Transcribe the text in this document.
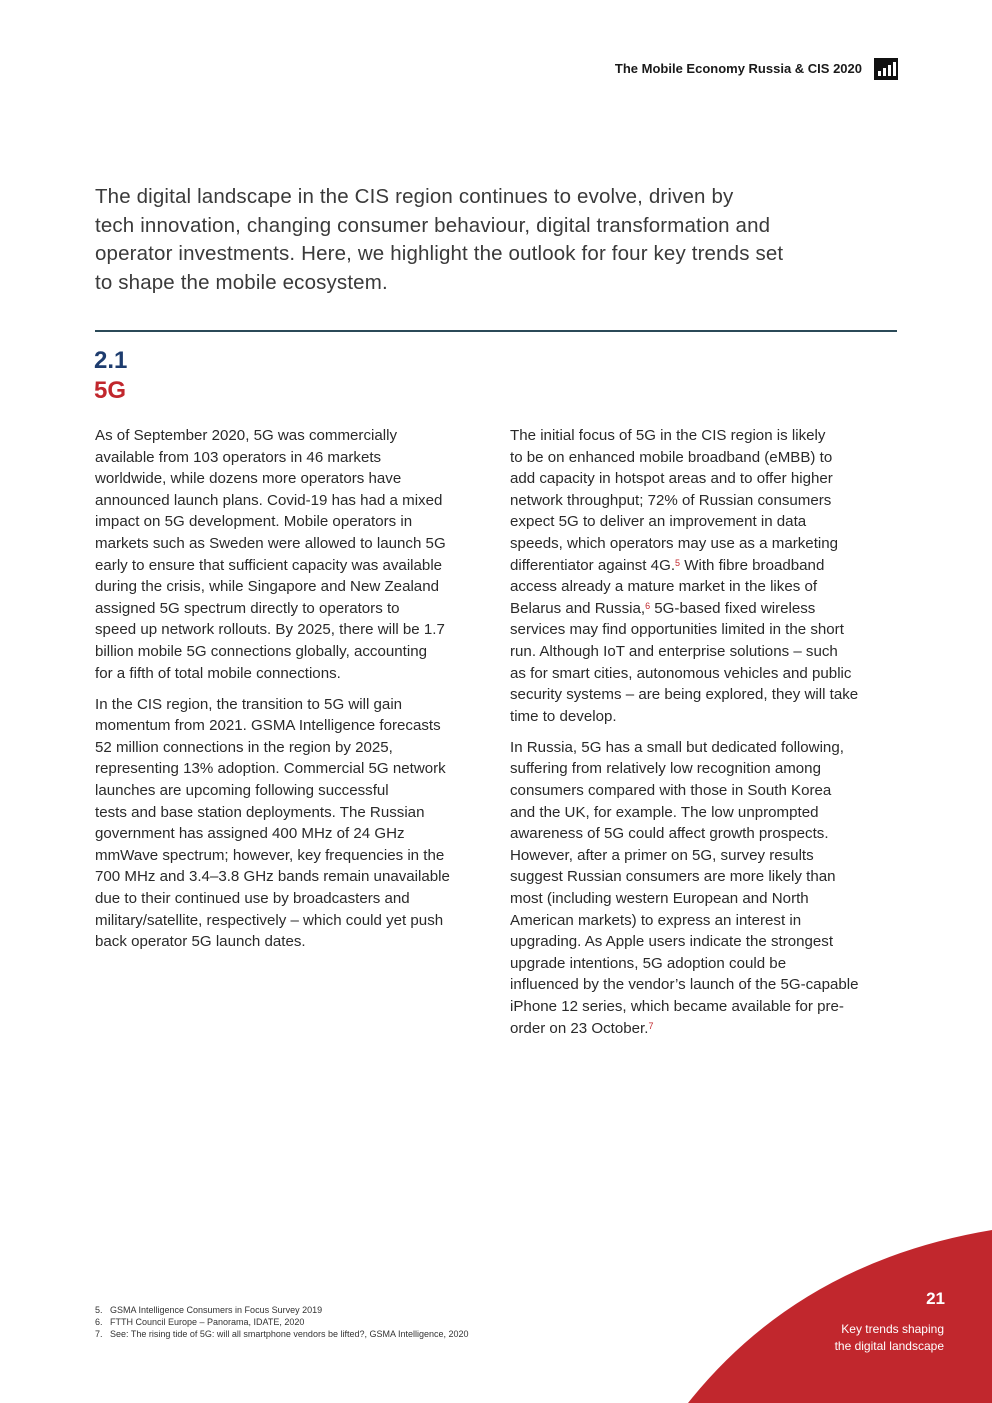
The Mobile Economy Russia & CIS 2020

The digital landscape in the CIS region continues to evolve, driven by
tech innovation, changing consumer behaviour, digital transformation and
operator investments. Here, we highlight the outlook for four key trends set
to shape the mobile ecosystem.

2.1
5G

As of September 2020, 5G was commercially
available from 103 operators in 46 markets
worldwide, while dozens more operators have
announced launch plans. Covid-19 has had a mixed
impact on 5G development. Mobile operators in
markets such as Sweden were allowed to launch 5G
early to ensure that sufficient capacity was available
during the crisis, while Singapore and New Zealand
assigned 5G spectrum directly to operators to
speed up network rollouts. By 2025, there will be 1.7
billion mobile 5G connections globally, accounting
for a fifth of total mobile connections.

In the CIS region, the transition to 5G will gain
momentum from 2021. GSMA Intelligence forecasts
52 million connections in the region by 2025,
representing 13% adoption. Commercial 5G network
launches are upcoming following successful
tests and base station deployments. The Russian
government has assigned 400 MHz of 24 GHz
mmWave spectrum; however, key frequencies in the
700 MHz and 3.4–3.8 GHz bands remain unavailable
due to their continued use by broadcasters and
military/satellite, respectively – which could yet push
back operator 5G launch dates.

The initial focus of 5G in the CIS region is likely
to be on enhanced mobile broadband (eMBB) to
add capacity in hotspot areas and to offer higher
network throughput; 72% of Russian consumers
expect 5G to deliver an improvement in data
speeds, which operators may use as a marketing
differentiator against 4G.$^5$ With fibre broadband
access already a mature market in the likes of
Belarus and Russia,$^6$ 5G-based fixed wireless
services may find opportunities limited in the short
run. Although IoT and enterprise solutions – such
as for smart cities, autonomous vehicles and public
security systems – are being explored, they will take
time to develop.

In Russia, 5G has a small but dedicated following,
suffering from relatively low recognition among
consumers compared with those in South Korea
and the UK, for example. The low unprompted
awareness of 5G could affect growth prospects.
However, after a primer on 5G, survey results
suggest Russian consumers are more likely than
most (including western European and North
American markets) to express an interest in
upgrading. As Apple users indicate the strongest
upgrade intentions, 5G adoption could be
influenced by the vendor’s launch of the 5G-capable
iPhone 12 series, which became available for pre-
order on 23 October.$^7$

5. GSMA Intelligence Consumers in Focus Survey 2019
6. FTTH Council Europe – Panorama, IDATE, 2020
7. See: The rising tide of 5G: will all smartphone vendors be lifted?, GSMA Intelligence, 2020
21
Key trends shaping
the digital landscape
